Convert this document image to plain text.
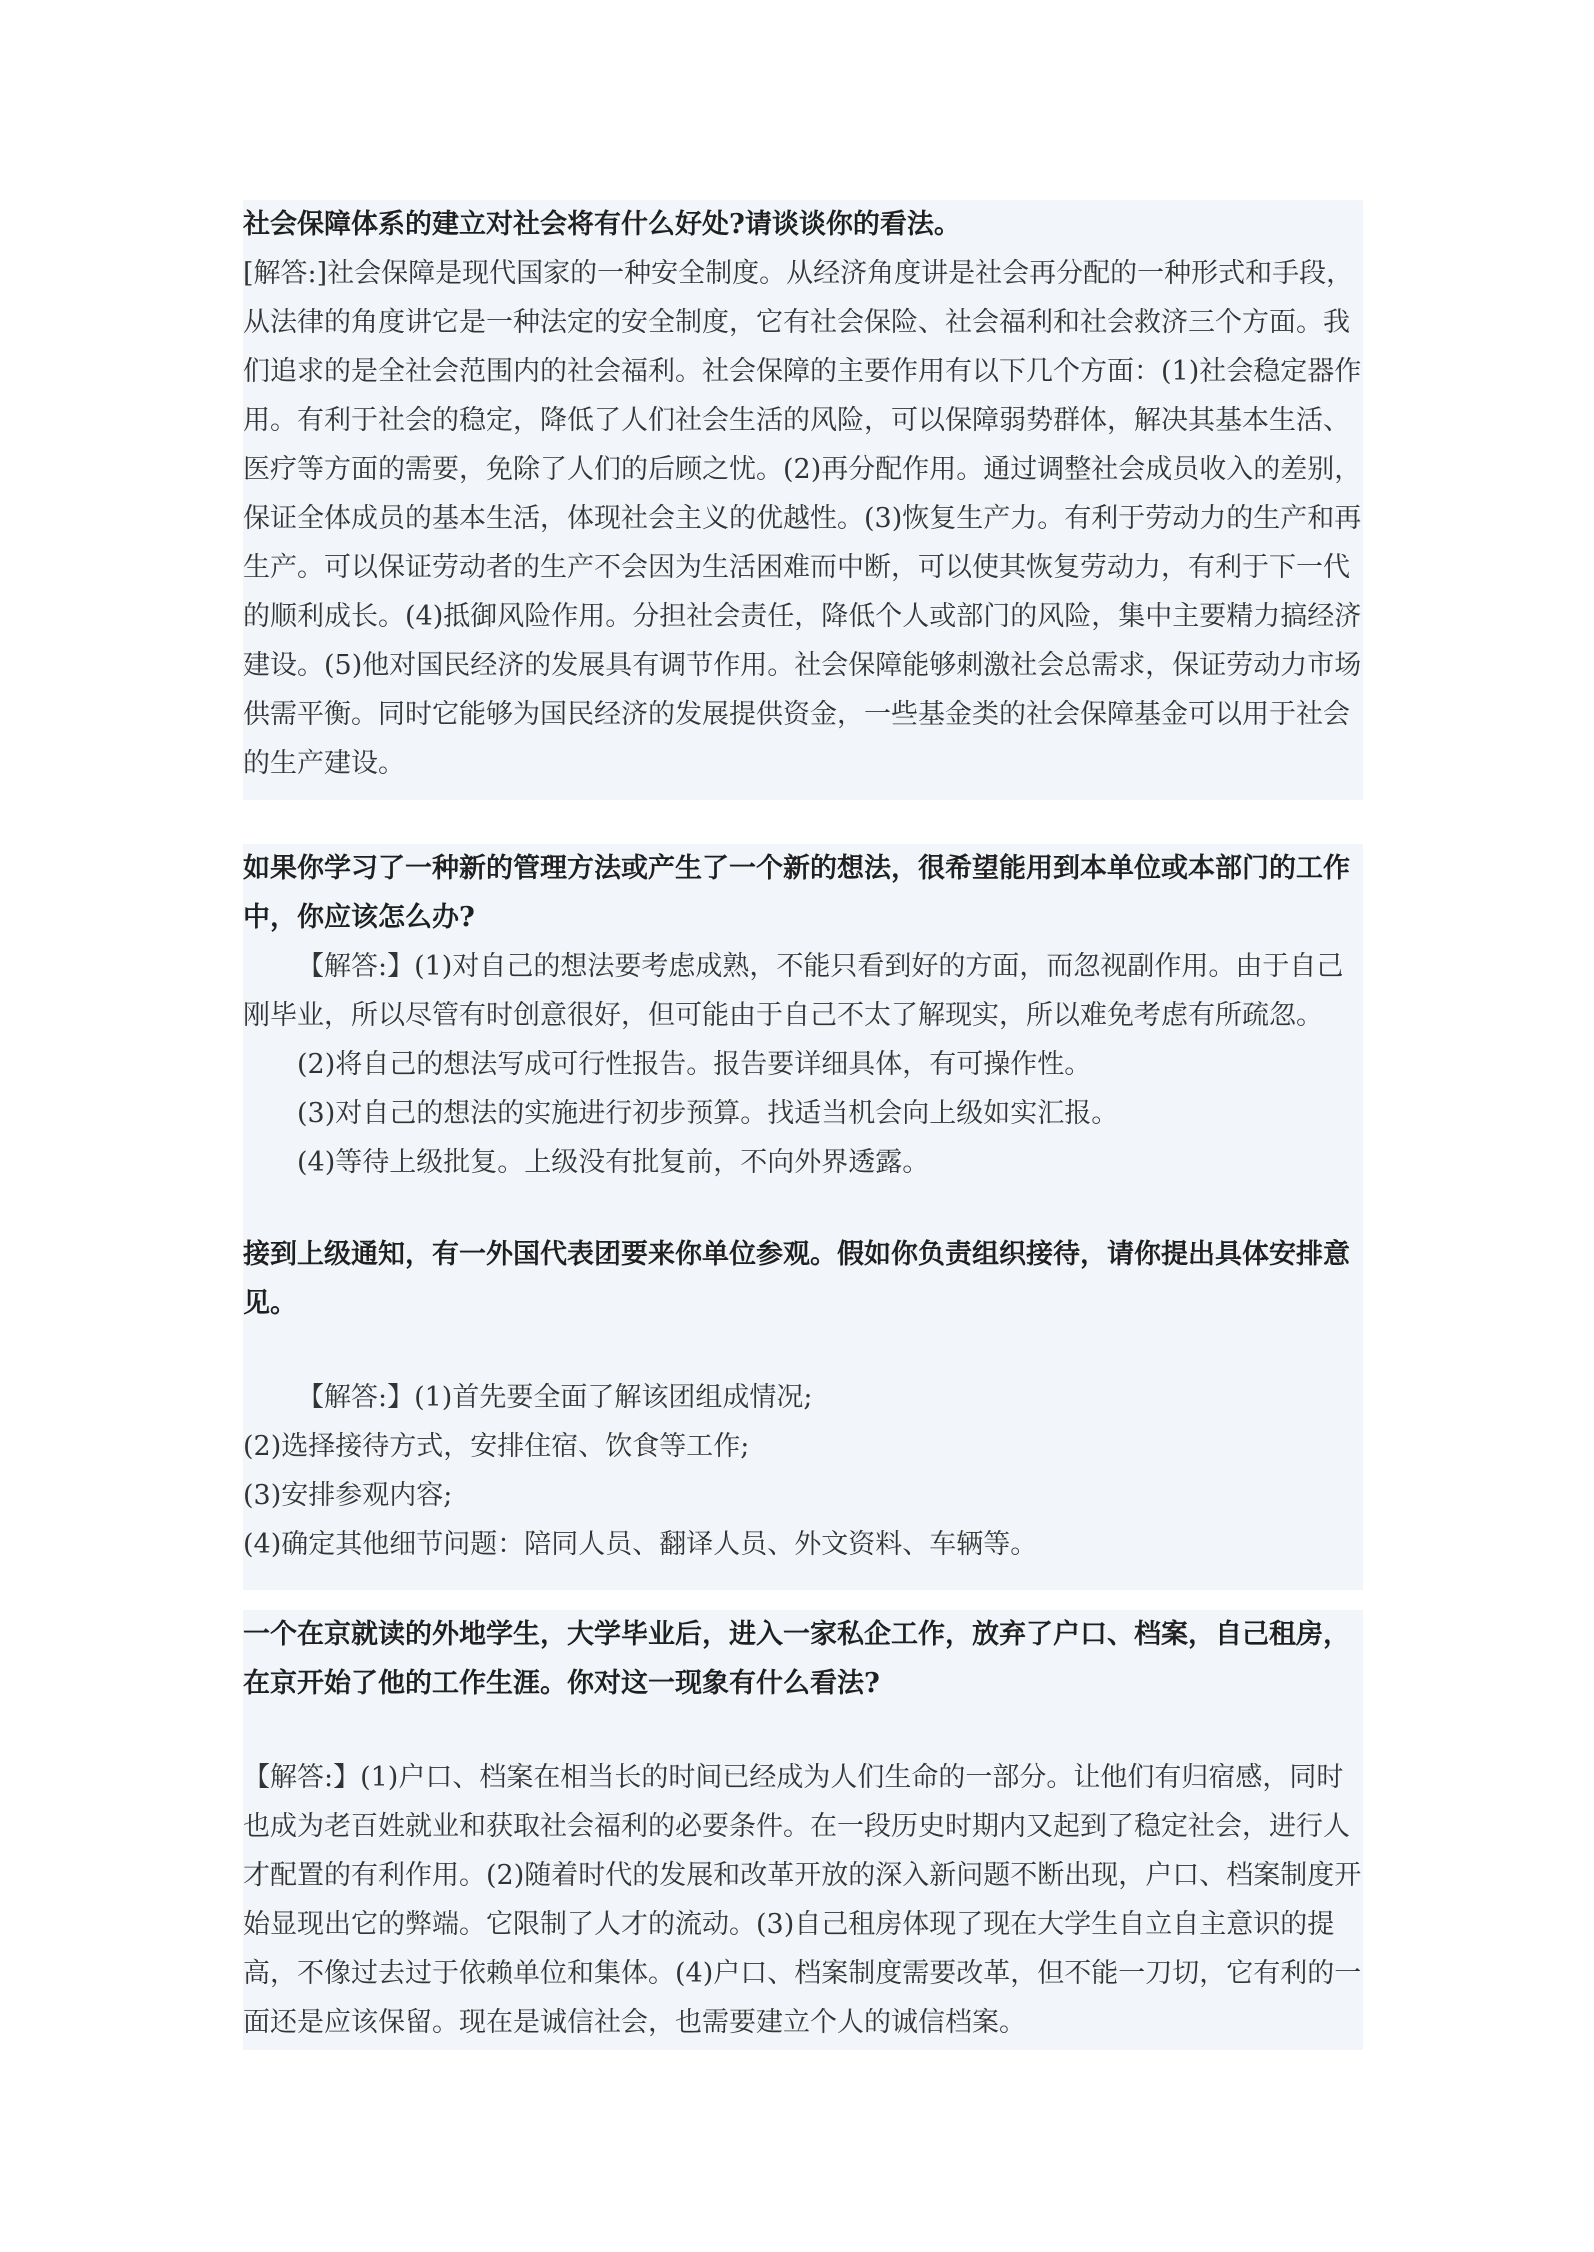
社会保障体系的建立对社会将有什么好处?请谈谈你的看法。

[解答:]社会保障是现代国家的一种安全制度。从经济角度讲是社会再分配的一种形式和手段，从法律的角度讲它是一种法定的安全制度，它有社会保险、社会福利和社会救济三个方面。我们追求的是全社会范围内的社会福利。社会保障的主要作用有以下几个方面：(1)社会稳定器作用。有利于社会的稳定，降低了人们社会生活的风险，可以保障弱势群体，解决其基本生活、医疗等方面的需要，免除了人们的后顾之忧。(2)再分配作用。通过调整社会成员收入的差别，保证全体成员的基本生活，体现社会主义的优越性。(3)恢复生产力。有利于劳动力的生产和再生产。可以保证劳动者的生产不会因为生活困难而中断，可以使其恢复劳动力，有利于下一代的顺利成长。(4)抵御风险作用。分担社会责任，降低个人或部门的风险，集中主要精力搞经济建设。(5)他对国民经济的发展具有调节作用。社会保障能够刺激社会总需求，保证劳动力市场供需平衡。同时它能够为国民经济的发展提供资金，一些基金类的社会保障基金可以用于社会的生产建设。

如果你学习了一种新的管理方法或产生了一个新的想法，很希望能用到本单位或本部门的工作中，你应该怎么办?

【解答:】(1)对自己的想法要考虑成熟，不能只看到好的方面，而忽视副作用。由于自己刚毕业，所以尽管有时创意很好，但可能由于自己不太了解现实，所以难免考虑有所疏忽。

(2)将自己的想法写成可行性报告。报告要详细具体，有可操作性。

(3)对自己的想法的实施进行初步预算。找适当机会向上级如实汇报。

(4)等待上级批复。上级没有批复前，不向外界透露。

接到上级通知，有一外国代表团要来你单位参观。假如你负责组织接待，请你提出具体安排意见。

【解答:】(1)首先要全面了解该团组成情况;

(2)选择接待方式，安排住宿、饮食等工作;

(3)安排参观内容;

(4)确定其他细节问题：陪同人员、翻译人员、外文资料、车辆等。

一个在京就读的外地学生，大学毕业后，进入一家私企工作，放弃了户口、档案，自己租房，在京开始了他的工作生涯。你对这一现象有什么看法?

【解答:】(1)户口、档案在相当长的时间已经成为人们生命的一部分。让他们有归宿感，同时也成为老百姓就业和获取社会福利的必要条件。在一段历史时期内又起到了稳定社会，进行人才配置的有利作用。(2)随着时代的发展和改革开放的深入新问题不断出现，户口、档案制度开始显现出它的弊端。它限制了人才的流动。(3)自己租房体现了现在大学生自立自主意识的提高，不像过去过于依赖单位和集体。(4)户口、档案制度需要改革，但不能一刀切，它有利的一面还是应该保留。现在是诚信社会，也需要建立个人的诚信档案。
